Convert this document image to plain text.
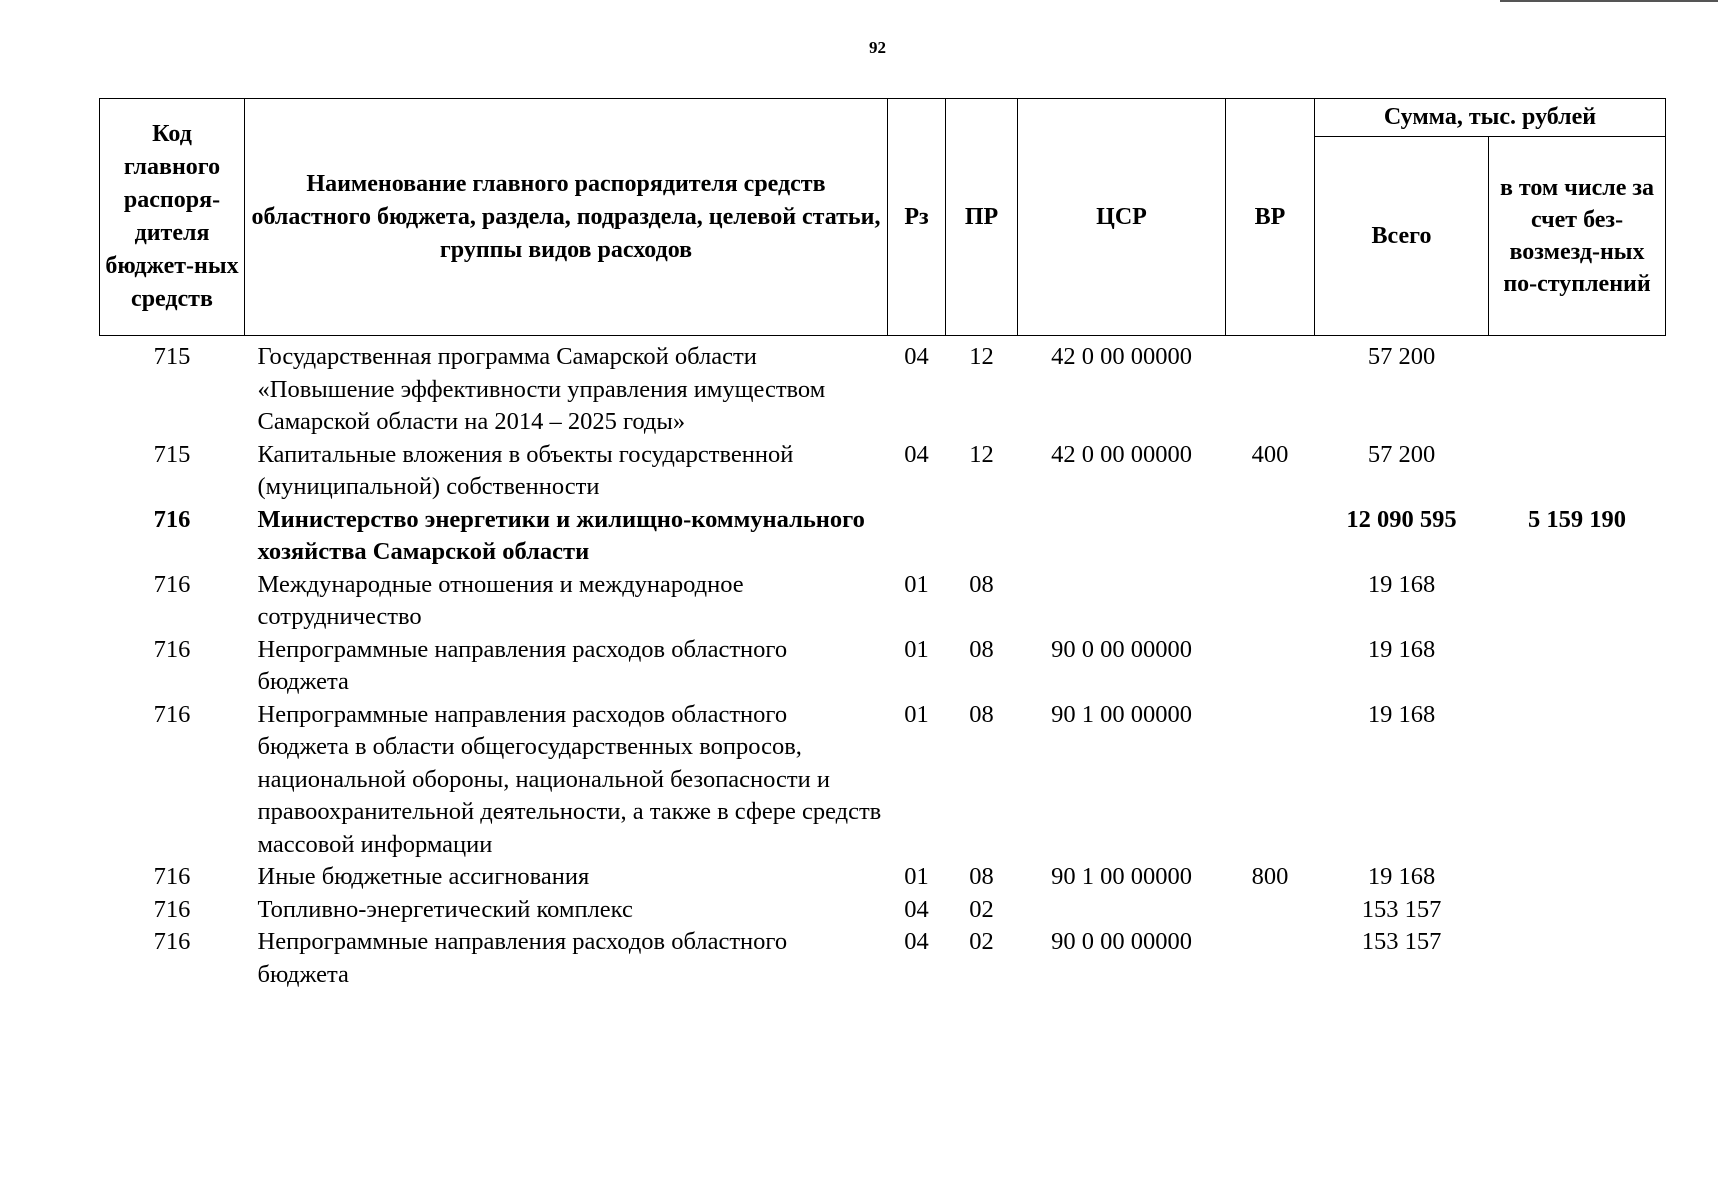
92
Код главного распоря-дителя бюджет-ных средств	Наименование главного распорядителя средств областного бюджета, раздела, подраздела, целевой статьи, группы видов расходов	Рз	ПР	ЦСР	ВР	Сумма, тыс. рублей	
						Всего	в том числе за счет без-возмезд-ных по-ступлений
715	Государственная программа Самарской области «Повышение эффективности управления имуществом Самарской области на 2014 – 2025 годы»	04	12	42 0 00 00000		57 200	
715	Капитальные вложения в объекты государственной (муниципальной) собственности	04	12	42 0 00 00000	400	57 200	
716	Министерство энергетики и жилищно-коммунального хозяйства Самарской области					12 090 595	5 159 190
716	Международные отношения и международное сотрудничество	01	08			19 168	
716	Непрограммные направления расходов областного бюджета	01	08	90 0 00 00000		19 168	
716	Непрограммные направления расходов областного бюджета в области общегосударственных вопросов, национальной обороны, национальной безопасности и правоохранительной деятельности, а также в сфере средств массовой информации	01	08	90 1 00 00000		19 168	
716	Иные бюджетные ассигнования	01	08	90 1 00 00000	800	19 168	
716	Топливно-энергетический комплекс	04	02			153 157	
716	Непрограммные направления расходов областного бюджета	04	02	90 0 00 00000		153 157	
